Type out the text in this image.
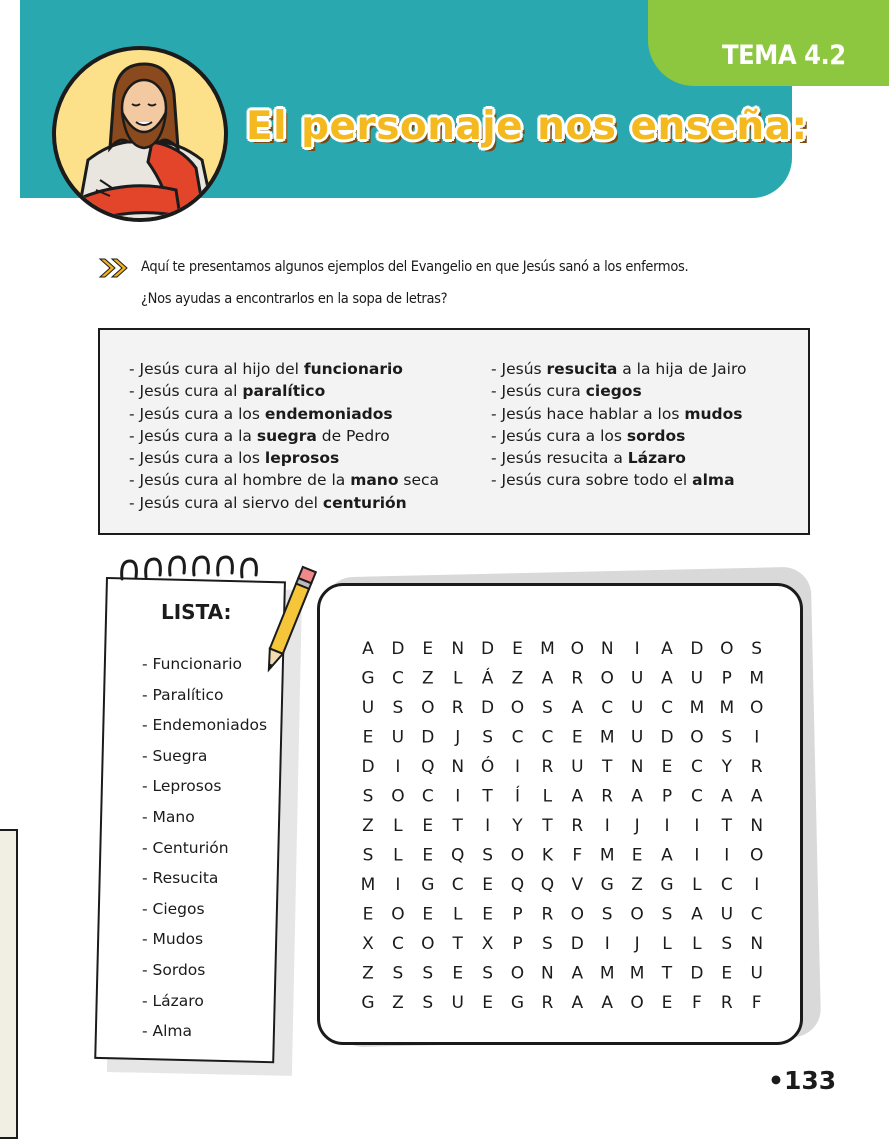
TEMA 4.2
El personaje nos enseña:
Aquí te presentamos algunos ejemplos del Evangelio en que Jesús sanó a los enfermos.
¿Nos ayudas a encontrarlos en la sopa de letras?
- Jesús cura al hijo del funcionario
- Jesús cura al paralítico
- Jesús cura a los endemoniados
- Jesús cura a la suegra de Pedro
- Jesús cura a los leprosos
- Jesús cura al hombre de la mano seca
- Jesús cura al siervo del centurión
- Jesús resucita a la hija de Jairo
- Jesús cura ciegos
- Jesús hace hablar a los mudos
- Jesús cura a los sordos
- Jesús resucita a Lázaro
- Jesús cura sobre todo el alma
LISTA:
- Funcionario
- Paralítico
- Endemoniados
- Suegra
- Leprosos
- Mano
- Centurión
- Resucita
- Ciegos
- Mudos
- Sordos
- Lázaro
- Alma
A D E N D E M O N I A D O S
G C Z L Á Z A R O U A U P M
U S O R D O S A C U C M M O
E U D J S C C E M U D O S I
D I Q N Ó I R U T N E C Y R
S O C I T Í L A R A P C A A
Z L E T I Y T R I J I I T N
S L E Q S O K F M E A I I O
M I G C E Q Q V G Z G L C I
E O E L E P R O S O S A U C
X C O T X P S D I J L L S N
Z S S E S O N A M M T D E U
G Z S U E G R A A O E F R F
•133
